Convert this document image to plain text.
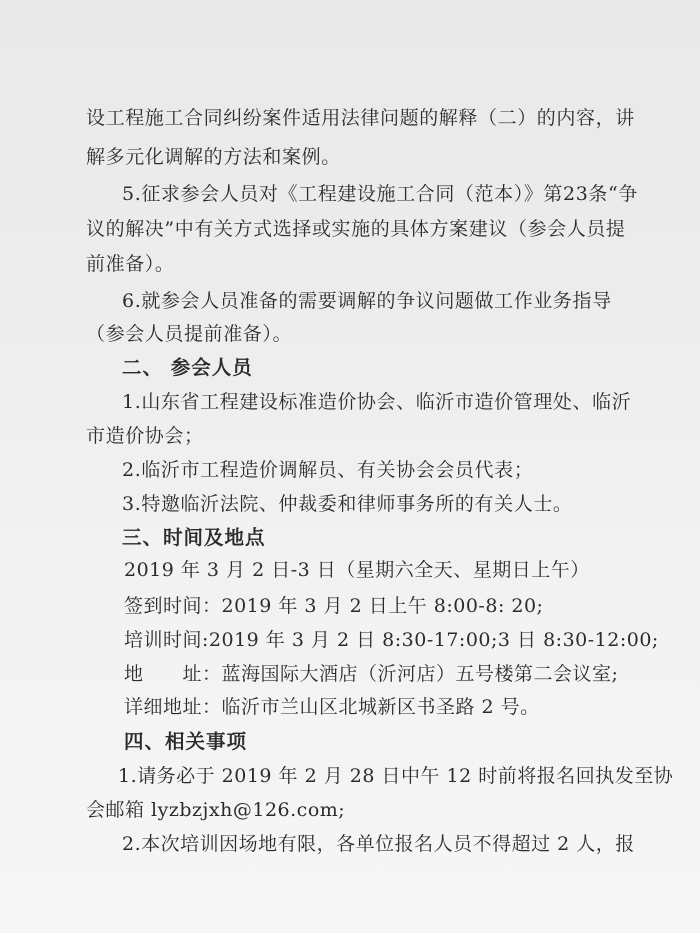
设工程施工合同纠纷案件适用法律问题的解释（二）的内容，讲
解多元化调解的方法和案例。
5.征求参会人员对《工程建设施工合同（范本）》第23条“争
议的解决”中有关方式选择或实施的具体方案建议（参会人员提
前准备）。
6.就参会人员准备的需要调解的争议问题做工作业务指导
（参会人员提前准备）。
二、 参会人员
1.山东省工程建设标准造价协会、临沂市造价管理处、临沂
市造价协会；
2.临沂市工程造价调解员、有关协会会员代表；
3.特邀临沂法院、仲裁委和律师事务所的有关人士。
三、时间及地点
2019 年 3 月 2 日-3 日（星期六全天、星期日上午）
签到时间：2019 年 3 月 2 日上午 8:00-8: 20;
培训时间:2019 年 3 月 2 日 8:30-17:00;3 日 8:30-12:00;
地　　址：蓝海国际大酒店（沂河店）五号楼第二会议室;
详细地址：临沂市兰山区北城新区书圣路 2 号。
四、相关事项
1.请务必于 2019 年 2 月 28 日中午 12 时前将报名回执发至协
会邮箱 lyzbzjxh@126.com;
2.本次培训因场地有限，各单位报名人员不得超过 2 人，报
